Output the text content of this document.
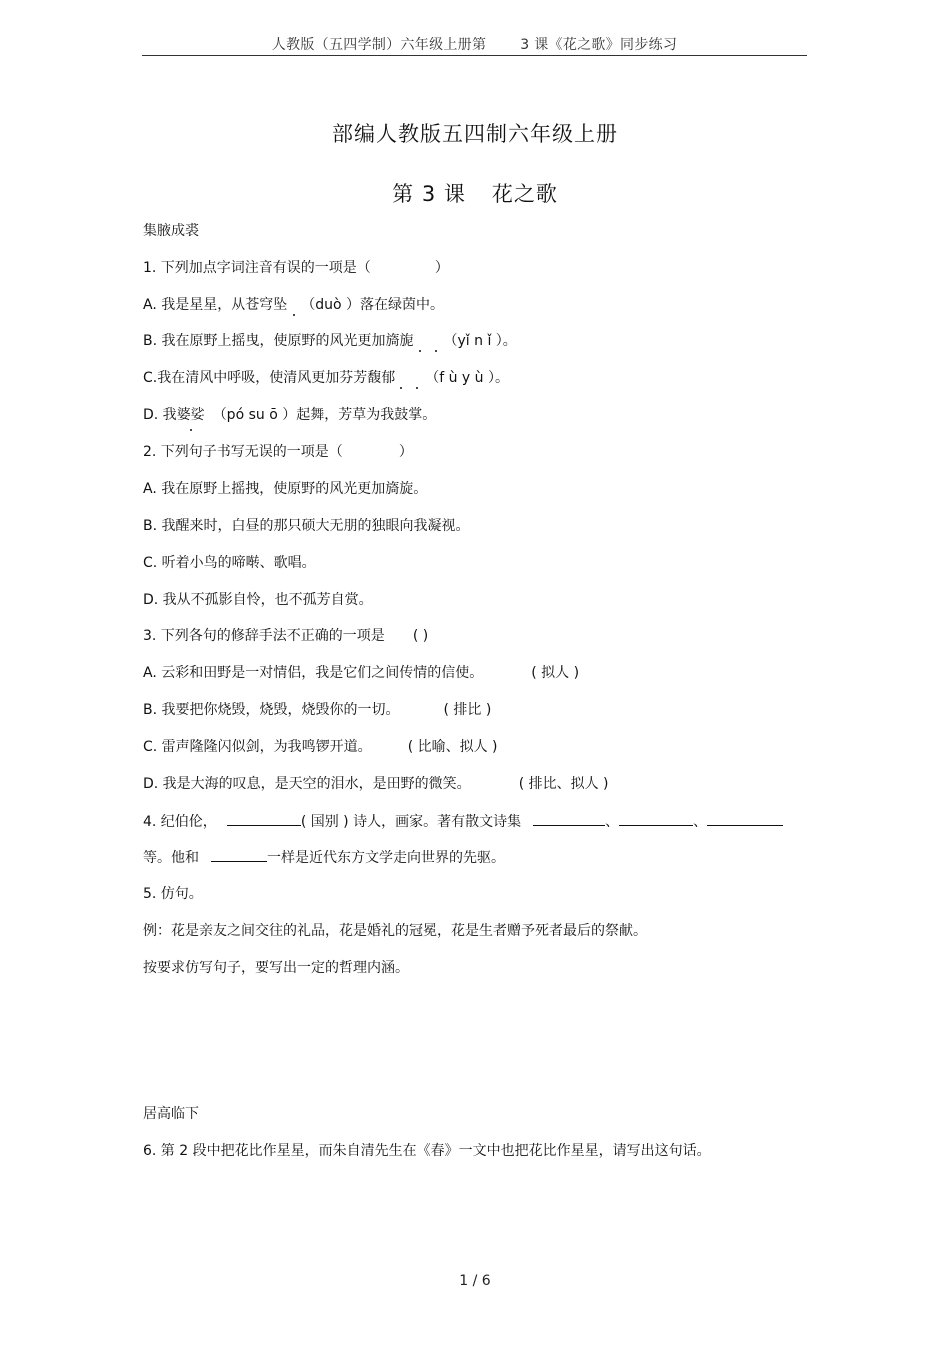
人教版（五四学制）六年级上册第 3 课《花之歌》同步练习
部编人教版五四制六年级上册
第 3 课 花之歌
集腋成裘
1. 下列加点字词注音有误的一项是（	）
A. 我是星星，从苍穹坠 （duò ）落在绿茵中。
B. 我在原野上摇曳，使原野的风光更加旖旎 （yǐ n ǐ ）。
C.我在清风中呼吸，使清风更加芬芳馥郁 （f ù y ù ）。
D. 我婆娑 （pó su ō ）起舞，芳草为我鼓掌。
2. 下列句子书写无误的一项是（	）
A. 我在原野上摇拽，使原野的风光更加旖旋。
B. 我醒来时，白昼的那只硕大无朋的独眼向我凝视。
C. 听着小鸟的啼啭、歌唱。
D. 我从不孤影自怜，也不孤芳自赏。
3. 下列各句的修辞手法不正确的一项是 ( )
A. 云彩和田野是一对情侣，我是它们之间传情的信使。	( 拟人 )
B. 我要把你烧毁，烧毁，烧毁你的一切。	( 排比 )
C. 雷声隆隆闪似剑，为我鸣锣开道。	( 比喻、拟人 )
D. 我是大海的叹息，是天空的泪水，是田野的微笑。	( 排比、拟人 )
4. 纪伯伦，	( 国别 ) 诗人，画家。著有散文诗集	、	、
等。他和	一样是近代东方文学走向世界的先驱。
5. 仿句。
例：花是亲友之间交往的礼品，花是婚礼的冠冕，花是生者赠予死者最后的祭献。
按要求仿写句子，要写出一定的哲理内涵。
居高临下
6. 第 2 段中把花比作星星，而朱自清先生在《春》一文中也把花比作星星，请写出这句话。
1 / 6
